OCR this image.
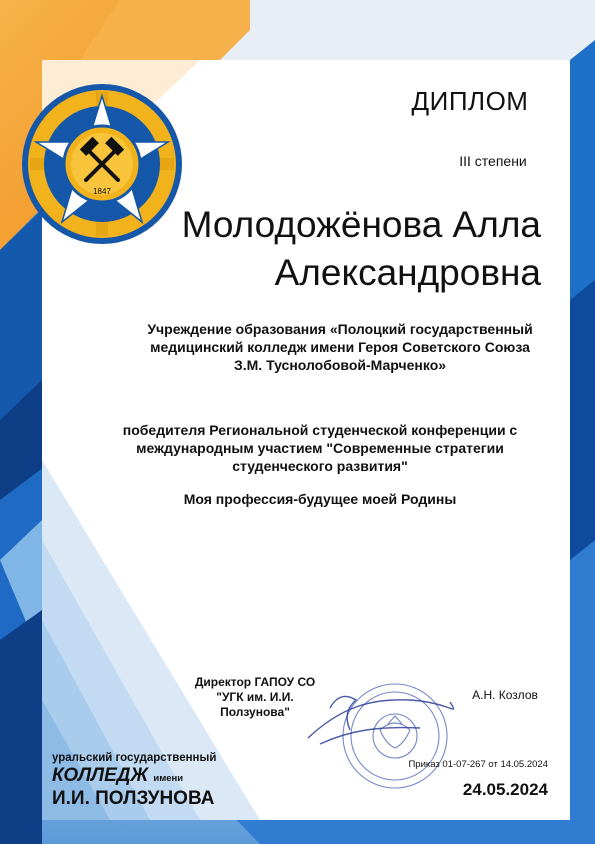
1847
ДИПЛОМ
III степени
Молодожёнова Алла
Александровна
Учреждение образования «Полоцкий государственный
медицинский колледж имени Героя Советского Союза
З.М. Туснолобовой-Марченко»
победителя Региональной студенческой конференции с
международным участием "Современные стратегии
студенческого развития"
Моя профессия-будущее моей Родины
Директор ГАПОУ СО
"УГК им. И.И.
Ползунова"
А.Н. Козлов
Приказ 01-07-267 от 14.05.2024
24.05.2024
уральский государственный
КОЛЛЕДЖ имени
И.И. ПОЛЗУНОВА
